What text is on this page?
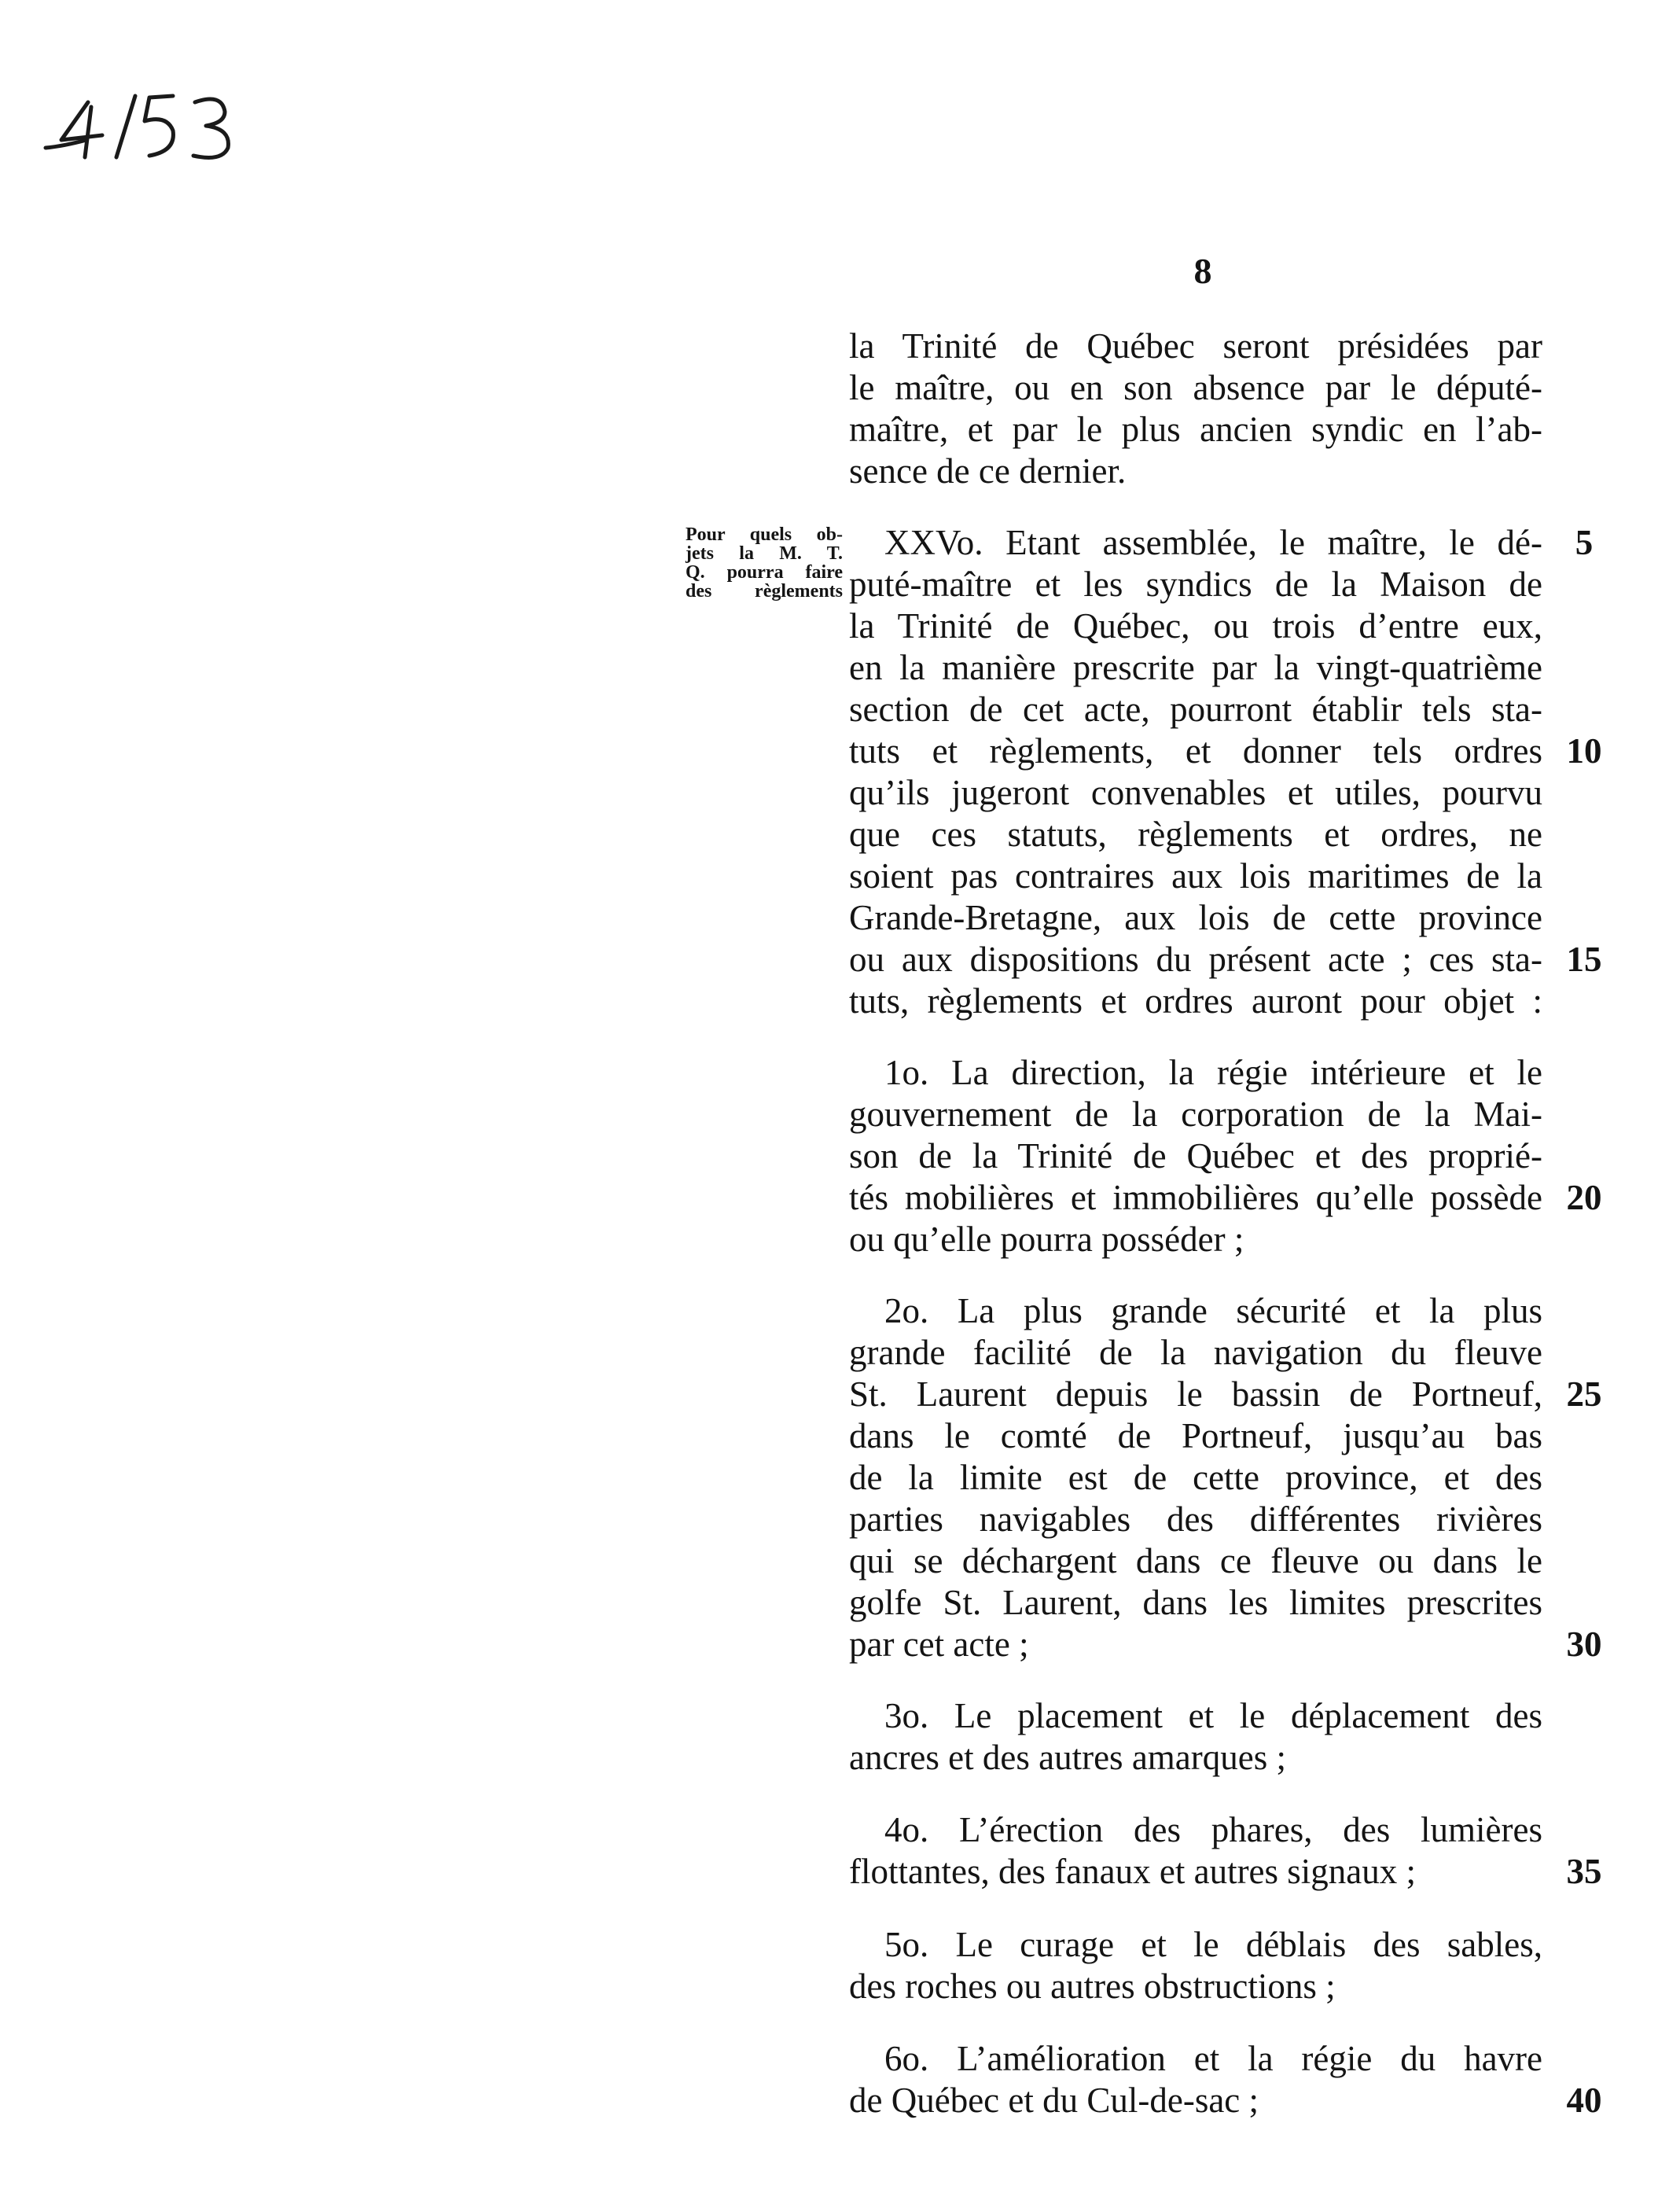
453
8
Pour quels ob-
jets la M. T.
Q. pourra faire
des règlements
la Trinité de Québec seront présidées par
le maître, ou en son absence par le député-
maître, et par le plus ancien syndic en l’ab-
sence de ce dernier.
XXVo. Etant assemblée, le maître, le dé-
puté-maître et les syndics de la Maison de
la Trinité de Québec, ou trois d’entre eux,
en la manière prescrite par la vingt-quatrième
section de cet acte, pourront établir tels sta-
tuts et règlements, et donner tels ordres
qu’ils jugeront convenables et utiles, pourvu
que ces statuts, règlements et ordres, ne
soient pas contraires aux lois maritimes de la
Grande-Bretagne, aux lois de cette province
ou aux dispositions du présent acte ; ces sta-
tuts, règlements et ordres auront pour objet :
1o. La direction, la régie intérieure et le
gouvernement de la corporation de la Mai-
son de la Trinité de Québec et des proprié-
tés mobilières et immobilières qu’elle possède
ou qu’elle pourra posséder ;
2o. La plus grande sécurité et la plus
grande facilité de la navigation du fleuve
St. Laurent depuis le bassin de Portneuf,
dans le comté de Portneuf, jusqu’au bas
de la limite est de cette province, et des
parties navigables des différentes rivières
qui se déchargent dans ce fleuve ou dans le
golfe St. Laurent, dans les limites prescrites
par cet acte ;
3o. Le placement et le déplacement des
ancres et des autres amarques ;
4o. L’érection des phares, des lumières
flottantes, des fanaux et autres signaux ;
5o. Le curage et le déblais des sables,
des roches ou autres obstructions ;
6o. L’amélioration et la régie du havre
de Québec et du Cul-de-sac ;
5
10
15
20
25
30
35
40
